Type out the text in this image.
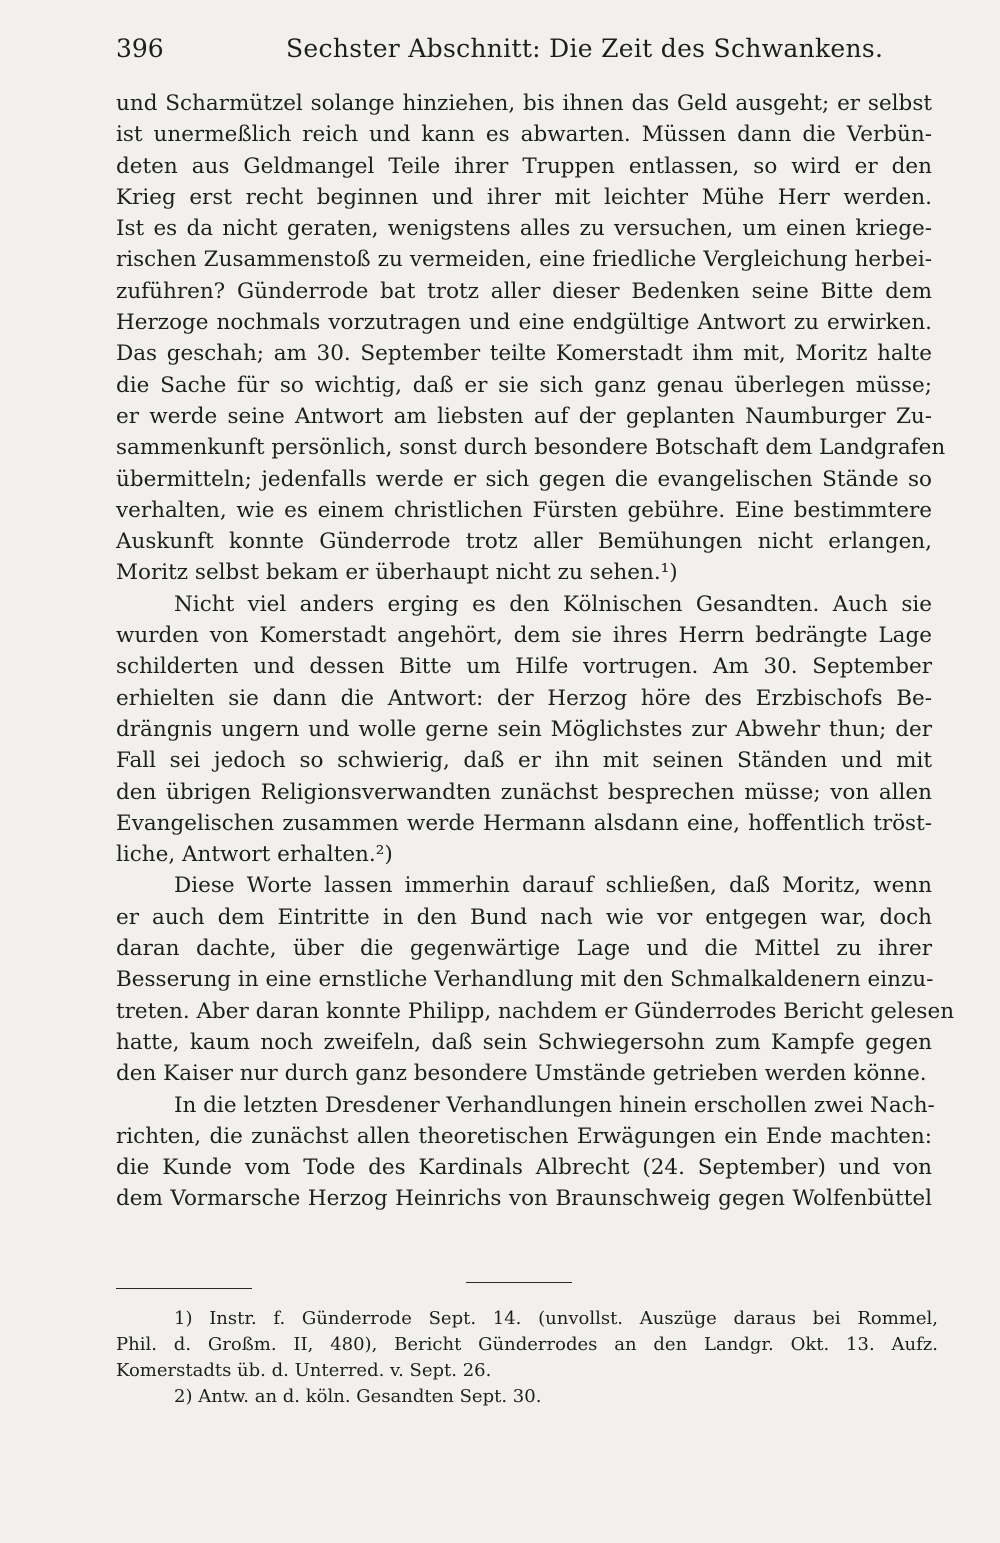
396	Sechster Abschnitt: Die Zeit des Schwankens.
und Scharmützel solange hinziehen, bis ihnen das Geld ausgeht; er selbst
ist unermeßlich reich und kann es abwarten. Müssen dann die Verbün-
deten aus Geldmangel Teile ihrer Truppen entlassen, so wird er den
Krieg erst recht beginnen und ihrer mit leichter Mühe Herr werden.
Ist es da nicht geraten, wenigstens alles zu versuchen, um einen kriege-
rischen Zusammenstoß zu vermeiden, eine friedliche Vergleichung herbei-
zuführen? Günderrode bat trotz aller dieser Bedenken seine Bitte dem
Herzoge nochmals vorzutragen und eine endgültige Antwort zu erwirken.
Das geschah; am 30. September teilte Komerstadt ihm mit, Moritz halte
die Sache für so wichtig, daß er sie sich ganz genau überlegen müsse;
er werde seine Antwort am liebsten auf der geplanten Naumburger Zu-
sammenkunft persönlich, sonst durch besondere Botschaft dem Landgrafen
übermitteln; jedenfalls werde er sich gegen die evangelischen Stände so
verhalten, wie es einem christlichen Fürsten gebühre. Eine bestimmtere
Auskunft konnte Günderrode trotz aller Bemühungen nicht erlangen,
Moritz selbst bekam er überhaupt nicht zu sehen.¹)
Nicht viel anders erging es den Kölnischen Gesandten. Auch sie
wurden von Komerstadt angehört, dem sie ihres Herrn bedrängte Lage
schilderten und dessen Bitte um Hilfe vortrugen. Am 30. September
erhielten sie dann die Antwort: der Herzog höre des Erzbischofs Be-
drängnis ungern und wolle gerne sein Möglichstes zur Abwehr thun; der
Fall sei jedoch so schwierig, daß er ihn mit seinen Ständen und mit
den übrigen Religionsverwandten zunächst besprechen müsse; von allen
Evangelischen zusammen werde Hermann alsdann eine, hoffentlich tröst-
liche, Antwort erhalten.²)
Diese Worte lassen immerhin darauf schließen, daß Moritz, wenn
er auch dem Eintritte in den Bund nach wie vor entgegen war, doch
daran dachte, über die gegenwärtige Lage und die Mittel zu ihrer
Besserung in eine ernstliche Verhandlung mit den Schmalkaldenern einzu-
treten. Aber daran konnte Philipp, nachdem er Günderrodes Bericht gelesen
hatte, kaum noch zweifeln, daß sein Schwiegersohn zum Kampfe gegen
den Kaiser nur durch ganz besondere Umstände getrieben werden könne.
In die letzten Dresdener Verhandlungen hinein erschollen zwei Nach-
richten, die zunächst allen theoretischen Erwägungen ein Ende machten:
die Kunde vom Tode des Kardinals Albrecht (24. September) und von
dem Vormarsche Herzog Heinrichs von Braunschweig gegen Wolfenbüttel
1) Instr. f. Günderrode Sept. 14. (unvollst. Auszüge daraus bei Rommel,
Phil. d. Großm. II, 480), Bericht Günderrodes an den Landgr. Okt. 13. Aufz.
Komerstadts üb. d. Unterred. v. Sept. 26.
2) Antw. an d. köln. Gesandten Sept. 30.
